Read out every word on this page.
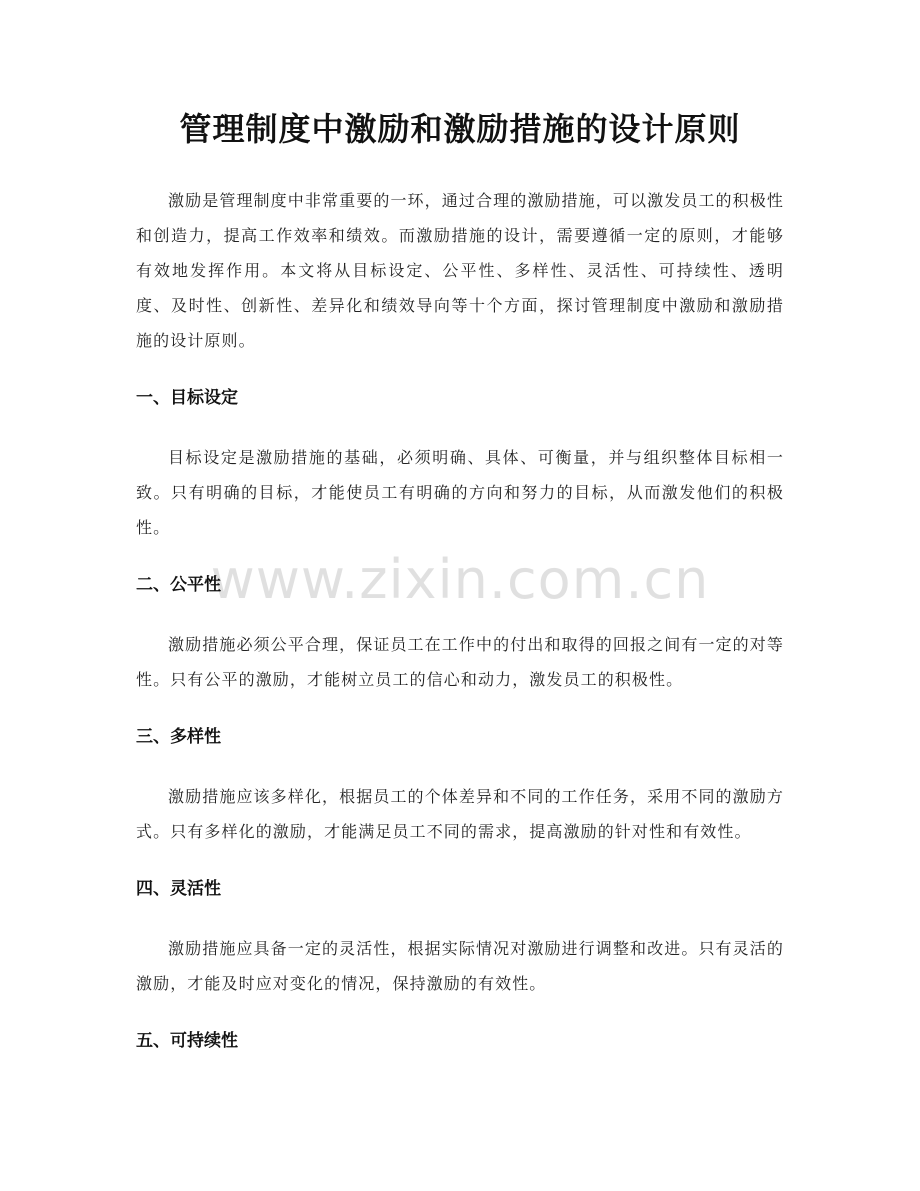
管理制度中激励和激励措施的设计原则

激励是管理制度中非常重要的一环，通过合理的激励措施，可以激发员工的积极性和创造力，提高工作效率和绩效。而激励措施的设计，需要遵循一定的原则，才能够有效地发挥作用。本文将从目标设定、公平性、多样性、灵活性、可持续性、透明度、及时性、创新性、差异化和绩效导向等十个方面，探讨管理制度中激励和激励措施的设计原则。

一、目标设定

目标设定是激励措施的基础，必须明确、具体、可衡量，并与组织整体目标相一致。只有明确的目标，才能使员工有明确的方向和努力的目标，从而激发他们的积极性。

二、公平性

激励措施必须公平合理，保证员工在工作中的付出和取得的回报之间有一定的对等性。只有公平的激励，才能树立员工的信心和动力，激发员工的积极性。

三、多样性

激励措施应该多样化，根据员工的个体差异和不同的工作任务，采用不同的激励方式。只有多样化的激励，才能满足员工不同的需求，提高激励的针对性和有效性。

四、灵活性

激励措施应具备一定的灵活性，根据实际情况对激励进行调整和改进。只有灵活的激励，才能及时应对变化的情况，保持激励的有效性。

五、可持续性
www.zixin.com.cn
